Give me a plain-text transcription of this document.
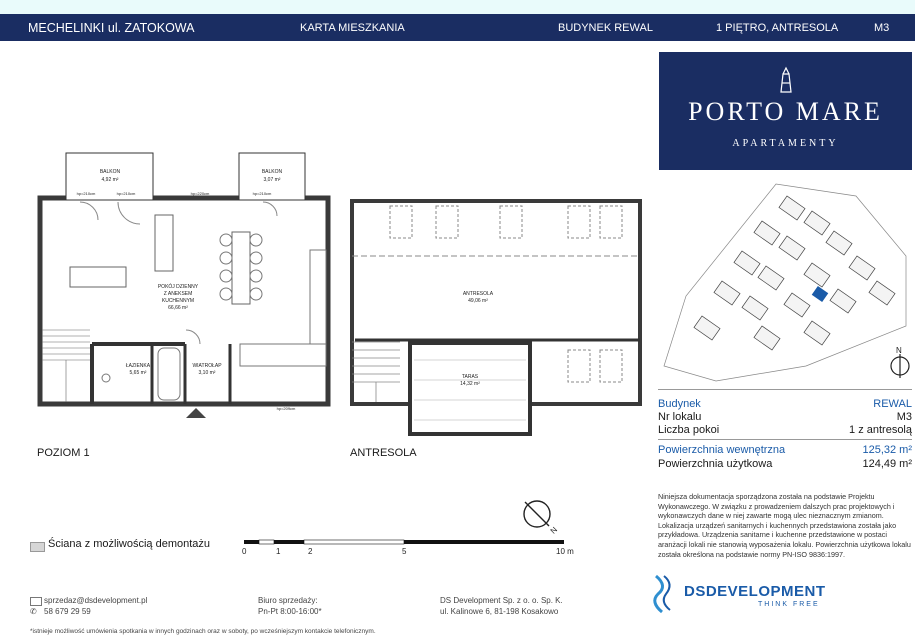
MECHELINKI ul. ZATOKOWA	KARTA MIESZKANIA	BUDYNEK REWAL	1 PIĘTRO, ANTRESOLA	M3
PORTO MARE
APARTAMENTY
BALKON
4,92 m²
BALKON
3,07 m²
POKÓJ DZIENNY
Z ANEKSEM
KUCHENNYM
66,66 m²
ŁAZIENKA
5,65 m²
WIATROŁAP
3,10 m²
ANTRESOLA
49,06 m²
TARAS
14,32 m²
hp=210cm	hp=210cm	hp=220cm	hp=210cm
hp=209cm
POZIOM 1	ANTRESOLA
N
Budynek	REWAL
Nr lokalu	M3
Liczba pokoi	1 z antresolą
Powierzchnia wewnętrzna	125,32 m²
Powierzchnia użytkowa	124,49 m²
Niniejsza dokumentacja sporządzona została na podstawie Projektu Wykonawczego. W związku z prowadzeniem dalszych prac projektowych i wykonawczych dane w niej zawarte mogą ulec nieznacznym zmianom. Lokalizacja urządzeń sanitarnych i kuchennych przedstawiona została jako przykładowa. Urządzenia sanitarne i kuchenne przedstawione w postaci aranżacji lokali nie stanowią wyposażenia lokalu. Powierzchnia użytkowa lokalu została określona na podstawie normy PN-ISO 9836:1997.
N
Ściana z możliwością demontażu
0	1	2	5	10 m
sprzedaz@dsdevelopment.pl
✆ 58 679 29 59
Biuro sprzedaży:
Pn-Pt 8:00-16:00*
DS Development Sp. z o. o. Sp. K.
ul. Kalinowe 6, 81-198 Kosakowo
DSDEVELOPMENT
THINK FREE
*istnieje możliwość umówienia spotkania w innych godzinach oraz w soboty, po wcześniejszym kontakcie telefonicznym.
